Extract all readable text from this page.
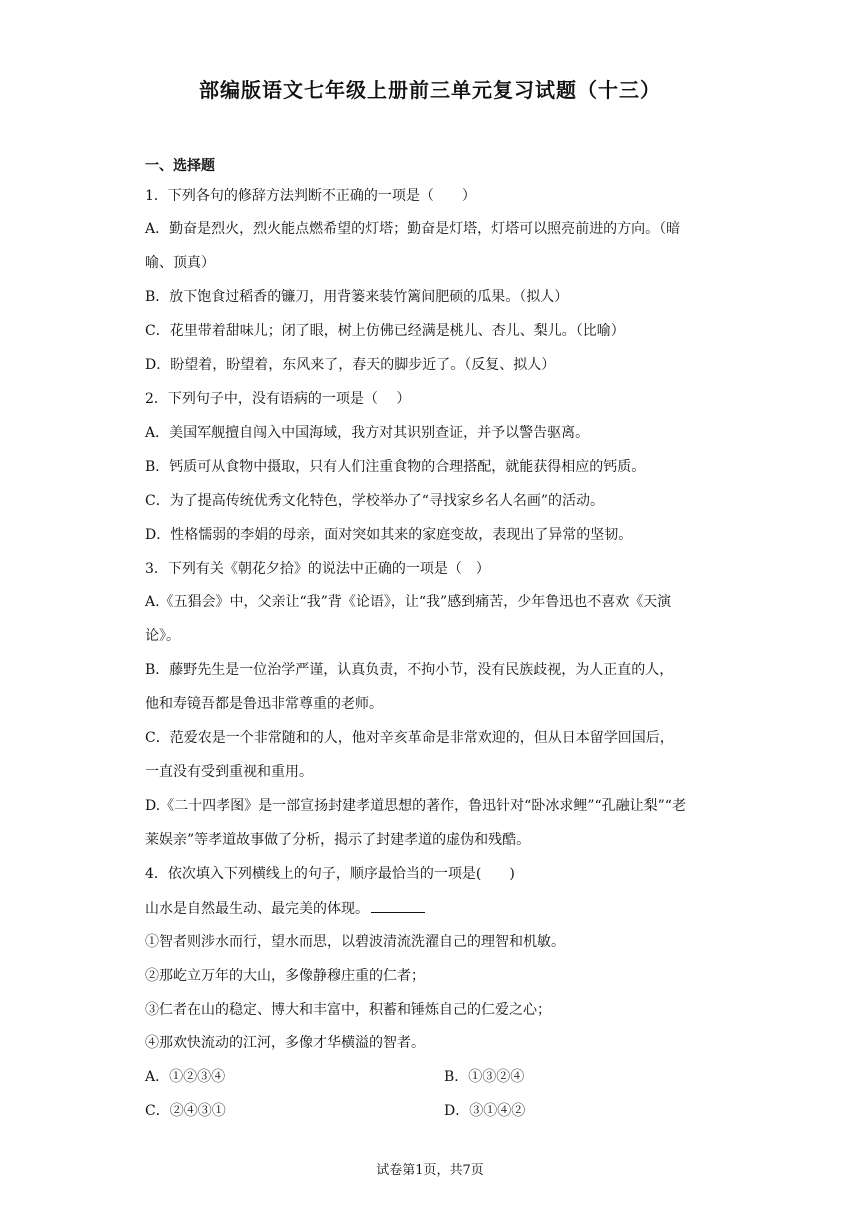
部编版语文七年级上册前三单元复习试题（十三）
一、选择题
1．下列各句的修辞方法判断不正确的一项是（　　）
A．勤奋是烈火，烈火能点燃希望的灯塔；勤奋是灯塔，灯塔可以照亮前进的方向。（暗
喻、顶真）
B．放下饱食过稻香的镰刀，用背篓来装竹篱间肥硕的瓜果。（拟人）
C．花里带着甜味儿；闭了眼，树上仿佛已经满是桃儿、杏儿、梨儿。（比喻）
D．盼望着，盼望着，东风来了，春天的脚步近了。（反复、拟人）
2．下列句子中，没有语病的一项是（　 ）
A．美国军舰擅自闯入中国海域，我方对其识别查证，并予以警告驱离。
B．钙质可从食物中摄取，只有人们注重食物的合理搭配，就能获得相应的钙质。
C．为了提高传统优秀文化特色，学校举办了“寻找家乡名人名画”的活动。
D．性格懦弱的李娟的母亲，面对突如其来的家庭变故，表现出了异常的坚韧。
3．下列有关《朝花夕拾》的说法中正确的一项是（　）
A.《五猖会》中，父亲让“我”背《论语》，让“我”感到痛苦，少年鲁迅也不喜欢《天演
论》。
B．藤野先生是一位治学严谨，认真负责，不拘小节，没有民族歧视，为人正直的人，
他和寿镜吾都是鲁迅非常尊重的老师。
C．范爱农是一个非常随和的人，他对辛亥革命是非常欢迎的，但从日本留学回国后，
一直没有受到重视和重用。
D.《二十四孝图》是一部宣扬封建孝道思想的著作，鲁迅针对“卧冰求鲤”“孔融让梨”“老
莱娱亲”等孝道故事做了分析，揭示了封建孝道的虚伪和残酷。
4．依次填入下列横线上的句子，顺序最恰当的一项是(　　)
山水是自然最生动、最完美的体现。
①智者则涉水而行，望水而思，以碧波清流洗濯自己的理智和机敏。
②那屹立万年的大山，多像静穆庄重的仁者；
③仁者在山的稳定、博大和丰富中，积蓄和锤炼自己的仁爱之心；
④那欢快流动的江河，多像才华横溢的智者。
A．①②③④	B．①③②④
C．②④③①	D．③①④②
试卷第1页，共7页
